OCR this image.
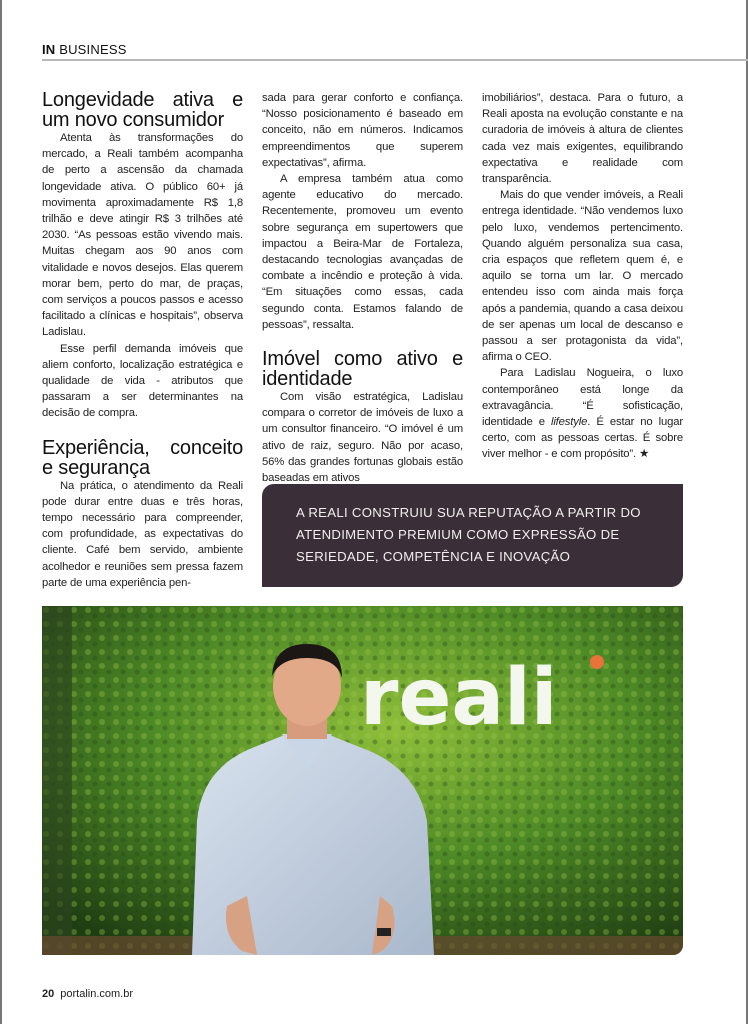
IN BUSINESS
Longevidade ativa e um novo consumidor

Atenta às transformações do mercado, a Reali também acompanha de perto a ascensão da chamada longevidade ativa. O público 60+ já movimenta aproximadamente R$ 1,8 trilhão e deve atingir R$ 3 trilhões até 2030. “As pessoas estão vivendo mais. Muitas chegam aos 90 anos com vitalidade e novos desejos. Elas querem morar bem, perto do mar, de praças, com serviços a poucos passos e acesso facilitado a clínicas e hospitais”, observa Ladislau.

Esse perfil demanda imóveis que aliem conforto, localização estratégica e qualidade de vida - atributos que passaram a ser determinantes na decisão de compra.

Experiência, conceito e segurança

Na prática, o atendimento da Reali pode durar entre duas e três horas, tempo necessário para compreender, com profundidade, as expectativas do cliente. Café bem servido, ambiente acolhedor e reuniões sem pressa fazem parte de uma experiência pen-

sada para gerar conforto e confiança. “Nosso posicionamento é baseado em conceito, não em números. Indicamos empreendimentos que superem expectativas”, afirma.

A empresa também atua como agente educativo do mercado. Recentemente, promoveu um evento sobre segurança em supertowers que impactou a Beira-Mar de Fortaleza, destacando tecnologias avançadas de combate a incêndio e proteção à vida. “Em situações como essas, cada segundo conta. Estamos falando de pessoas”, ressalta.

Imóvel como ativo e identidade

Com visão estratégica, Ladislau compara o corretor de imóveis de luxo a um consultor financeiro. “O imóvel é um ativo de raiz, seguro. Não por acaso, 56% das grandes fortunas globais estão baseadas em ativos

imobiliários”, destaca. Para o futuro, a Reali aposta na evolução constante e na curadoria de imóveis à altura de clientes cada vez mais exigentes, equilibrando expectativa e realidade com transparência.

Mais do que vender imóveis, a Reali entrega identidade. “Não vendemos luxo pelo luxo, vendemos pertencimento. Quando alguém personaliza sua casa, cria espaços que refletem quem é, e aquilo se torna um lar. O mercado entendeu isso com ainda mais força após a pandemia, quando a casa deixou de ser apenas um local de descanso e passou a ser protagonista da vida”, afirma o CEO.

Para Ladislau Nogueira, o luxo contemporâneo está longe da extravagância. “É sofisticação, identidade e lifestyle. É estar no lugar certo, com as pessoas certas. É sobre viver melhor - e com propósito”. ★

A REALI CONSTRUIU SUA REPUTAÇÃO A PARTIR DO ATENDIMENTO PREMIUM COMO EXPRESSÃO DE SERIEDADE, COMPETÊNCIA E INOVAÇÃO
reali
20 portalin.com.br
